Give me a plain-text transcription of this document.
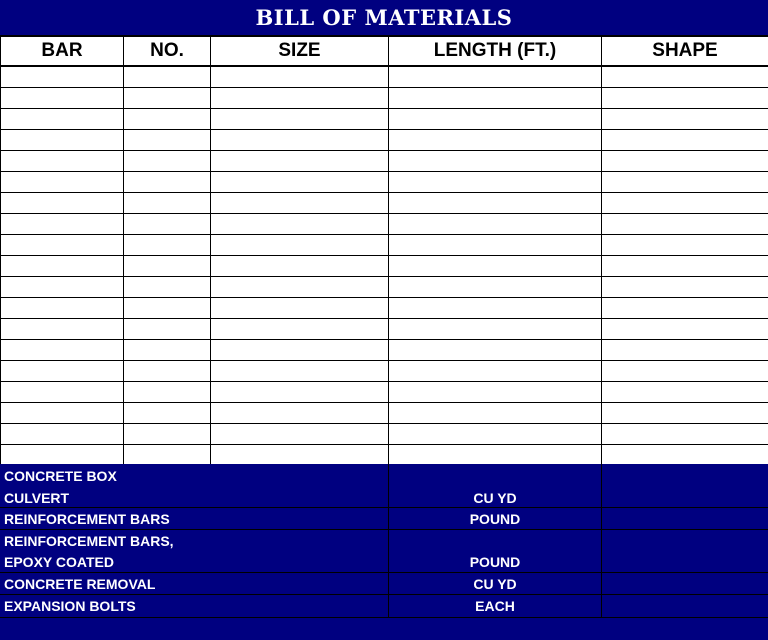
BILL OF MATERIALS
BAR	NO.	SIZE	LENGTH (FT.)	SHAPE

CONCRETE BOX
CULVERT	CU YD
REINFORCEMENT BARS	POUND
REINFORCEMENT BARS,
EPOXY COATED	POUND
CONCRETE REMOVAL	CU YD
EXPANSION BOLTS	EACH
